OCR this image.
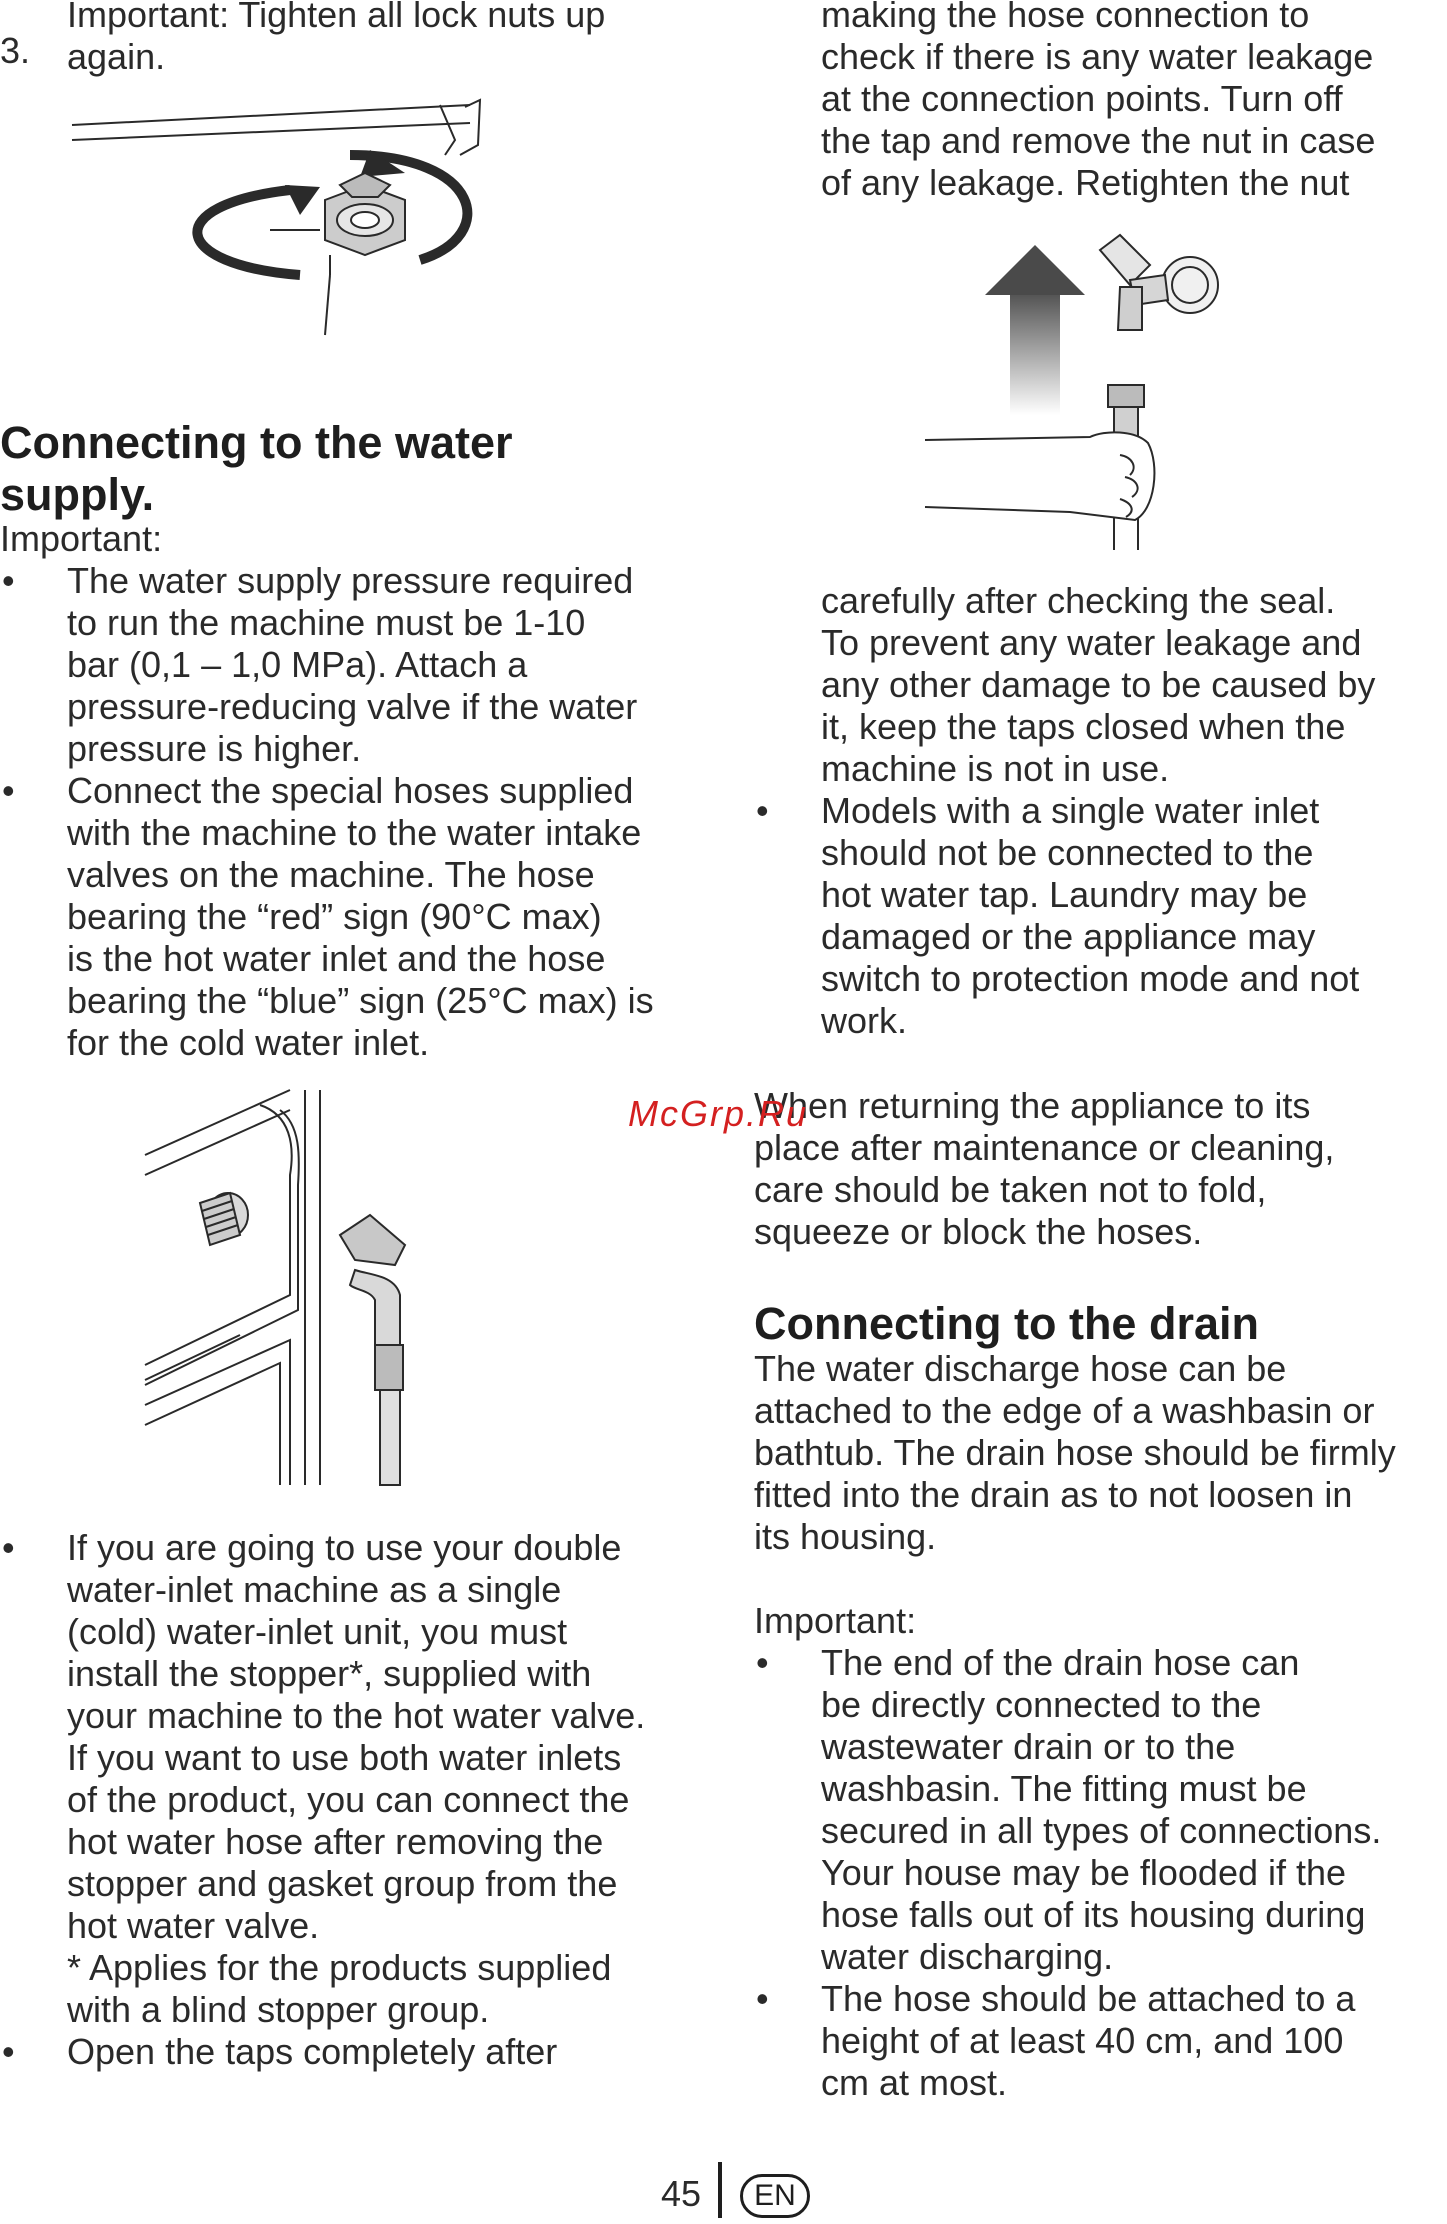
3.

Important: Tighten all lock nuts up

again.

Connecting to the water

supply.

Important:

• The water supply pressure required

to run the machine must be 1-10

bar (0,1 – 1,0 MPa). Attach a

pressure-reducing valve if the water

pressure is higher.

• Connect the special hoses supplied

with the machine to the water intake

valves on the machine. The hose

bearing the “red” sign (90°C max)

is the hot water inlet and the hose

bearing the “blue” sign (25°C max) is

for the cold water inlet.

• If you are going to use your double

water-inlet machine as a single

(cold) water-inlet unit, you must

install the stopper*, supplied with

your machine to the hot water valve.

If you want to use both water inlets

of the product, you can connect the

hot water hose after removing the

stopper and gasket group from the

hot water valve.

* Applies for the products supplied

with a blind stopper group.

• Open the taps completely after

making the hose connection to

check if there is any water leakage

at the connection points. Turn off

the tap and remove the nut in case

of any leakage. Retighten the nut

carefully after checking the seal.

To prevent any water leakage and

any other damage to be caused by

it, keep the taps closed when the

machine is not in use.

• Models with a single water inlet

should not be connected to the

hot water tap. Laundry may be

damaged or the appliance may

switch to protection mode and not

work.

When returning the appliance to its

place after maintenance or cleaning,

care should be taken not to fold,

squeeze or block the hoses.

Connecting to the drain

The water discharge hose can be

attached to the edge of a washbasin or

bathtub. The drain hose should be firmly

fitted into the drain as to not loosen in

its housing.

Important:

• The end of the drain hose can

be directly connected to the

wastewater drain or to the

washbasin. The fitting must be

secured in all types of connections.

Your house may be flooded if the

hose falls out of its housing during

water discharging.

• The hose should be attached to a

height of at least 40 cm, and 100

cm at most.

McGrp.Ru
45	EN
